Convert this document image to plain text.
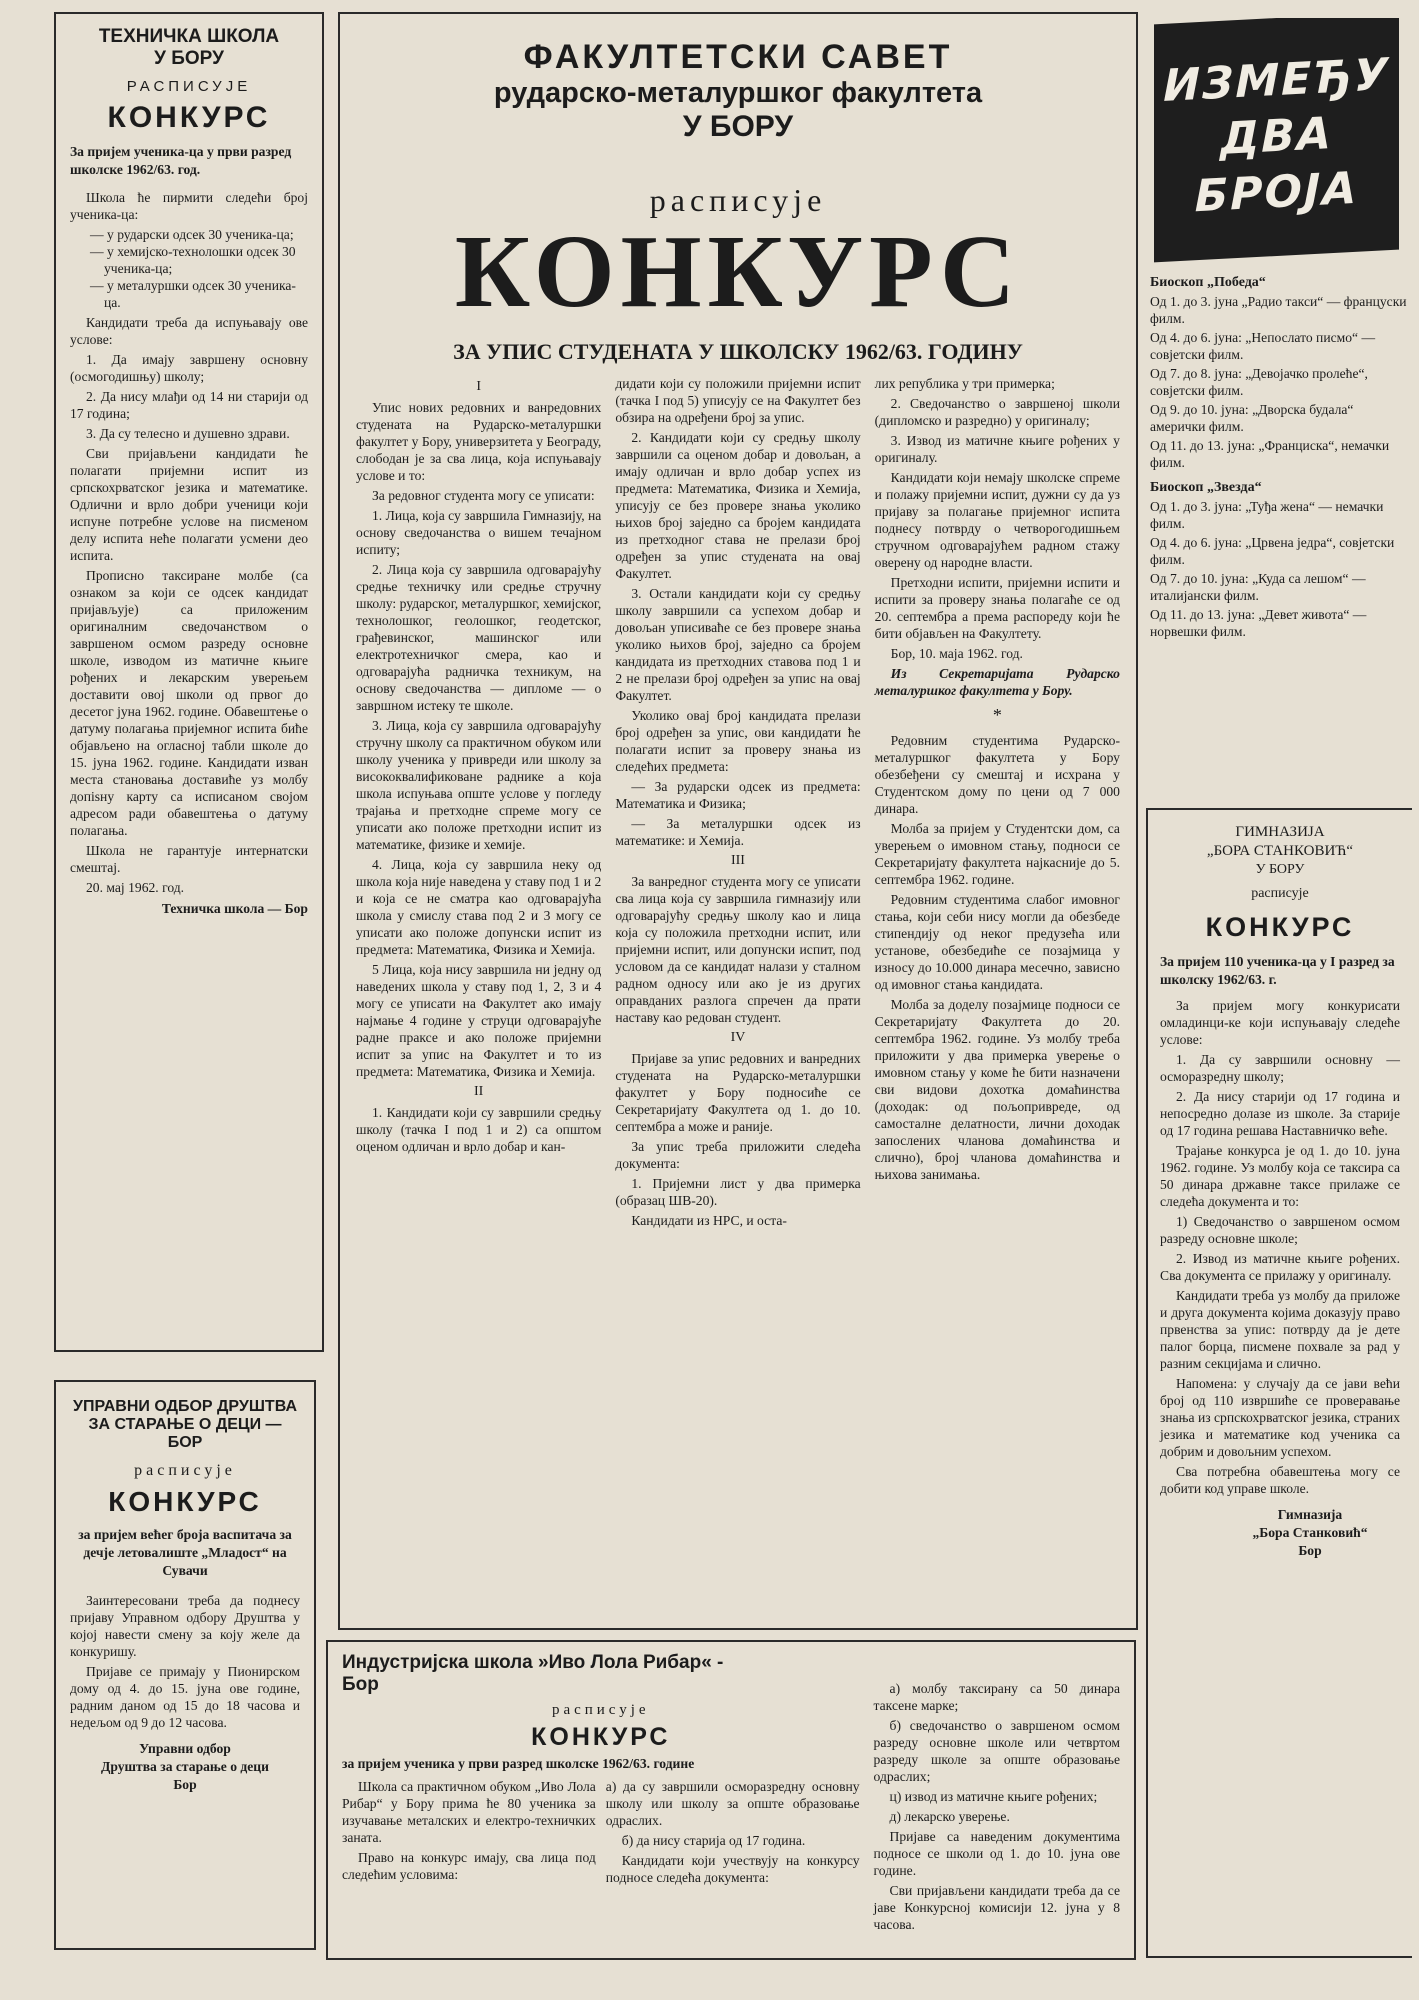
ТЕХНИЧКА ШКОЛА

У БОРУ

РАСПИСУЈЕ

КОНКУРС

За пријем ученика-ца у први разред школске 1962/63. год.

Школа ће пирмити следећи број ученика-ца:

— у рударски одсек 30 ученика-ца;

— у хемијско-технолошки одсек 30 ученика-ца;

— у металуршки одсек 30 ученика-ца.

Кандидати треба да испуњавају ове услове:

1. Да имају завршену основну (осмогодишњу) школу;

2. Да нису млађи од 14 ни старији од 17 година;

3. Да су телесно и душевно здрави.

Сви пријављени кандидати ће полагати пријемни испит из српскохрватског језика и математике. Одлични и врло добри ученици који испуне потребне услове на писменом делу испита неће полагати усмени део испита.

Прописно таксиране молбе (са ознаком за који се одсек кандидат пријављује) са приложеним оригиналним сведочанством о завршеном осмом разреду основне школе, изводом из матичне књиге рођених и лекарским уверењем доставити овој школи од првог до десетог јуна 1962. године. Обавештење о датуму полагања пријемног испита биће објављено на огласној табли школе до 15. јуна 1962. године. Кандидати изван места становања доставиће уз молбу допisну карту са исписаном својом адресом ради обавештења о датуму полагања.

Школа не гарантује интернатски смештај.

20. мај 1962. год.

Техничка школа — Бор

УПРАВНИ ОДБОР ДРУШТВА

ЗА СТАРАЊЕ О ДЕЦИ — БОР

расписује

КОНКУРС

за пријем већег броја васпитача за дечје летовалиште „Младост“ на Сувачи

Заинтересовани треба да поднесу пријаву Управном одбору Друштва у којој навести смену за коју желе да конкуришу.

Пријаве се примају у Пионирском дому од 4. до 15. јуна ове године, радним даном од 15 до 18 часова и недељом од 9 до 12 часова.

Управни одбор

Друштва за старање о деци

Бор

ФАКУЛТЕТСКИ САВЕТ

рударско-металуршког факултета

У БОРУ

расписује

КОНКУРС

ЗА УПИС СТУДЕНАТА У ШКОЛСКУ 1962/63. ГОДИНУ

I

Упис нових редовних и ванредовних студената на Рударско-металуршки факултет у Бору, универзитета у Београду, слободан је за сва лица, која испуњавају услове и то:

За редовног студента могу се уписати:

1. Лица, која су завршила Гимназију, на основу сведочанства о вишем течајном испиту;

2. Лица која су завршила одговарајућу средње техничку или средње стручну школу: рударског, металуршког, хемијског, технолошког, геолошког, геодетског, грађевинског, машинског или електротехничког смера, као и одговарајућа радничка техникум, на основу сведочанства — дипломе — о завршном истеку те школе.

3. Лица, која су завршила одговарајућу стручну школу са практичном обуком или школу ученика у привреди или школу за висококвалификоване раднике а која школа испуњава опште услове у погледу трајања и претходне спреме могу се уписати ако положе претходни испит из математике, физике и хемије.

4. Лица, која су завршила неку од школа која није наведена у ставу под 1 и 2 и која се не сматра као одговарајућа школа у смислу става под 2 и 3 могу се уписати ако положе допунски испит из предмета: Математика, Физика и Хемија.

5 Лица, која нису завршила ни једну од наведених школа у ставу под 1, 2, 3 и 4 могу се уписати на Факултет ако имају најмање 4 године у струци одговарајуће радне праксе и ако положе пријемни испит за упис на Факултет и то из предмета: Математика, Физика и Хемија.

II

1. Кандидати који су завршили средњу школу (тачка I под 1 и 2) са општом оценом одличан и врло добар и кан-

дидати који су положили пријемни испит (тачка I под 5) уписују се на Факултет без обзира на одређени број за упис.

2. Кандидати који су средњу школу завршили са оценом добар и довољан, а имају одличан и врло добар успех из предмета: Математика, Физика и Хемија, уписују се без провере знања уколико њихов број заједно са бројем кандидата из претходног става не прелази број одређен за упис студената на овај Факултет.

3. Остали кандидати који су средњу школу завршили са успехом добар и довољан уписиваће се без провере знања уколико њихов број, заједно са бројем кандидата из претходних ставова под 1 и 2 не прелази број одређен за упис на овај Факултет.

Уколико овај број кандидата прелази број одређен за упис, ови кандидати ће полагати испит за проверу знања из следећих предмета:

— За рударски одсек из предмета: Математика и Физика;

— За металуршки одсек из математике: и Хемија.

III

За ванредног студента могу се уписати сва лица која су завршила гимназију или одговарајућу средњу школу као и лица која су положила претходни испит, или пријемни испит, или допунски испит, под условом да се кандидат налази у сталном радном односу или ако је из других оправданих разлога спречен да прати наставу као редован студент.

IV

Пријаве за упис редовних и ванредних студената на Рударско-металуршки факултет у Бору подносиће се Секретаријату Факултета од 1. до 10. септембра а може и раније.

За упис треба приложити следећа документа:

1. Пријемни лист у два примерка (образац ШВ-20).

Кандидати из НРС, и оста-

лих република у три примерка;

2. Сведочанство о завршеној школи (дипломско и разредно) у оригиналу;

3. Извод из матичне књиге рођених у оригиналу.

Кандидати који немају школске спреме и полажу пријемни испит, дужни су да уз пријаву за полагање пријемног испита поднесу потврду о четворогодишњем стручном одговарајућем радном стажу оверену од народне власти.

Претходни испити, пријемни испити и испити за проверу знања полагаће се од 20. септембра а према распореду који ће бити објављен на Факултету.

Бор, 10. маја 1962. год.

Из Секретаријата Рударско металуршког факултета у Бору.

*

Редовним студентима Рударско-металуршког факултета у Бору обезбеђени су смештај и исхрана у Студентском дому по цени од 7 000 динара.

Молба за пријем у Студентски дом, са уверењем о имовном стању, подноси се Секретаријату факултета најкасније до 5. септембра 1962. године.

Редовним студентима слабог имовног стања, који себи нису могли да обезбеде стипендију од неког предузећа или установе, обезбедиће се позајмица у износу до 10.000 динара месечно, зависно од имовног стања кандидата.

Молба за доделу позајмице подноси се Секретаријату Факултета до 20. септембра 1962. године. Уз молбу треба приложити у два примерка уверење о имовном стању у коме ће бити назначени сви видови дохотка домаћинства (доходак: од пољопривреде, од самосталне делатности, лични доходак запослених чланова домаћинства и слично), број чланова домаћинства и њихова занимања.

Индустријска школа »Иво Лола Рибар« - Бор

расписује

КОНКУРС

за пријем ученика у први разред школске 1962/63. године

Школа са практичном обуком „Иво Лола Рибар“ у Бору прима ће 80 ученика за изучавање металских и електро-техничких заната.

Право на конкурс имају, сва лица под следећим условима:

а) да су завршили осморазредну основну школу или школу за опште образовање одраслих.

б) да нису старија од 17 година.

Кандидати који учествују на конкурсу подносе следећа документа:

а) молбу таксирану са 50 динара таксене марке;

б) сведочанство о завршеном осмом разреду основне школе или четвртом разреду школе за опште образовање одраслих;

ц) извод из матичне књиге рођених;

д) лекарско уверење.

Пријаве са наведеним документима подносе се школи од 1. до 10. јуна ове године.

Сви пријављени кандидати треба да се јаве Конкурсној комисији 12. јуна у 8 часова.

ИЗМЕЂУ
ДВА
БРОЈА

Биоскоп „Победа“

Од 1. до 3. јуна „Радио такси“ — француски филм.

Од 4. до 6. јуна: „Непослато писмо“ — совјетски филм.

Од 7. до 8. јуна: „Девојачко пролеће“, совјетски филм.

Од 9. до 10. јуна: „Дворска будала“ амерички филм.

Од 11. до 13. јуна: „Франциска“, немачки филм.

Биоскоп „Звезда“

Од 1. до 3. јуна: „Туђа жена“ — немачки филм.

Од 4. до 6. јуна: „Црвена једра“, совјетски филм.

Од 7. до 10. јуна: „Куда са лешом“ — италијански филм.

Од 11. до 13. јуна: „Девет живота“ — норвешки филм.

ГИМНАЗИЈА

„БОРА СТАНКОВИЋ“

У БОРУ

расписује

КОНКУРС

За пријем 110 ученика-ца у I разред за школску 1962/63. г.

За пријем могу конкурисати омладинци-ке који испуњавају следеће услове:

1. Да су завршили основну — осморазредну школу;

2. Да нису старији од 17 година и непосредно долазе из школе. За старије од 17 година решава Наставничко веће.

Трајање конкурса је од 1. до 10. јуна 1962. године. Уз молбу која се таксира са 50 динара државне таксе прилаже се следећа документа и то:

1) Сведочанство о завршеном осмом разреду основне школе;

2. Извод из матичне књиге рођених. Сва документа се прилажу у оригиналу.

Кандидати треба уз молбу да приложе и друга документа којима доказују право првенства за упис: потврду да је дете палог борца, писмене похвале за рад у разним секцијама и слично.

Напомена: у случају да се јави већи број од 110 извршиће се проверавање знања из српскохрватског језика, страних језика и математике код ученика са добрим и довољним успехом.

Сва потребна обавештења могу се добити код управе школе.

Гимназија

„Бора Станковић“

Бор
